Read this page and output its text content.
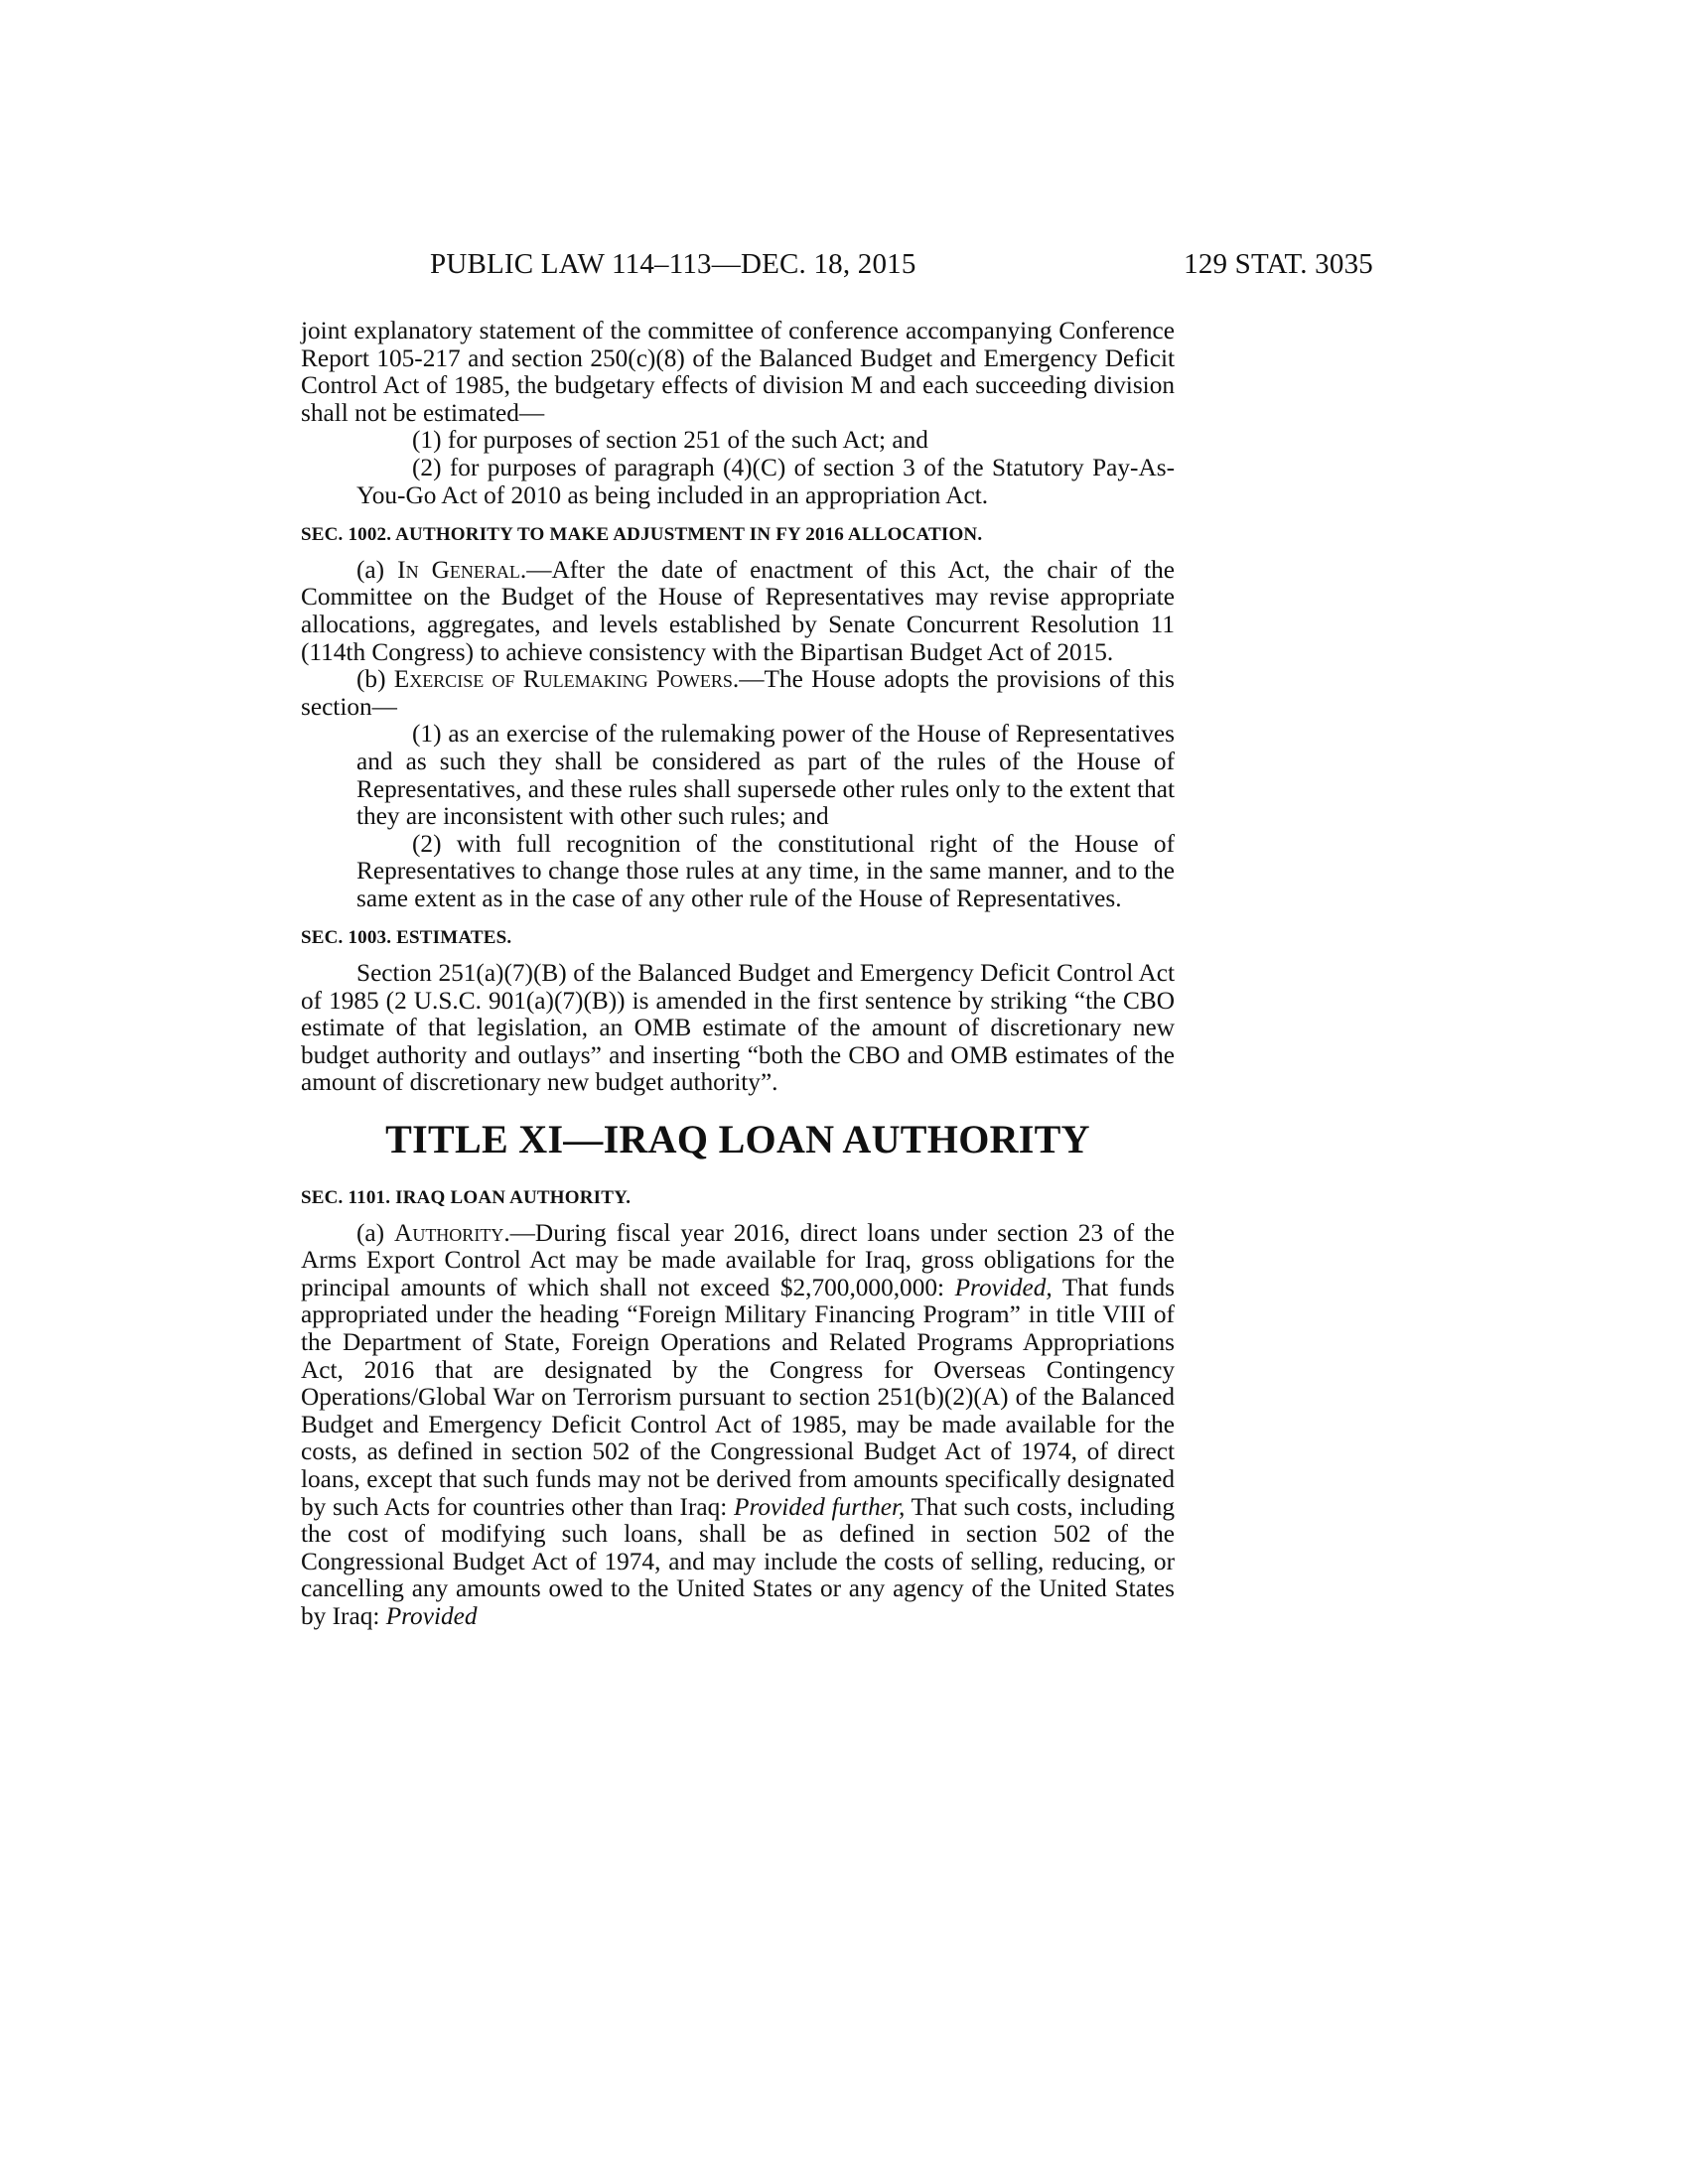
PUBLIC LAW 114–113—DEC. 18, 2015	129 STAT. 3035

joint explanatory statement of the committee of conference accompanying Conference Report 105-217 and section 250(c)(8) of the Balanced Budget and Emergency Deficit Control Act of 1985, the budgetary effects of division M and each succeeding division shall not be estimated—

(1) for purposes of section 251 of the such Act; and

(2) for purposes of paragraph (4)(C) of section 3 of the Statutory Pay-As-You-Go Act of 2010 as being included in an appropriation Act.

SEC. 1002. AUTHORITY TO MAKE ADJUSTMENT IN FY 2016 ALLOCATION.

(a) In General.—After the date of enactment of this Act, the chair of the Committee on the Budget of the House of Representatives may revise appropriate allocations, aggregates, and levels established by Senate Concurrent Resolution 11 (114th Congress) to achieve consistency with the Bipartisan Budget Act of 2015.

(b) Exercise of Rulemaking Powers.—The House adopts the provisions of this section—

(1) as an exercise of the rulemaking power of the House of Representatives and as such they shall be considered as part of the rules of the House of Representatives, and these rules shall supersede other rules only to the extent that they are inconsistent with other such rules; and

(2) with full recognition of the constitutional right of the House of Representatives to change those rules at any time, in the same manner, and to the same extent as in the case of any other rule of the House of Representatives.

SEC. 1003. ESTIMATES.

Section 251(a)(7)(B) of the Balanced Budget and Emergency Deficit Control Act of 1985 (2 U.S.C. 901(a)(7)(B)) is amended in the first sentence by striking “the CBO estimate of that legislation, an OMB estimate of the amount of discretionary new budget authority and outlays” and inserting “both the CBO and OMB estimates of the amount of discretionary new budget authority”.

TITLE XI—IRAQ LOAN AUTHORITY
SEC. 1101. IRAQ LOAN AUTHORITY.

(a) Authority.—During fiscal year 2016, direct loans under section 23 of the Arms Export Control Act may be made available for Iraq, gross obligations for the principal amounts of which shall not exceed $2,700,000,000: Provided, That funds appropriated under the heading “Foreign Military Financing Program” in title VIII of the Department of State, Foreign Operations and Related Programs Appropriations Act, 2016 that are designated by the Congress for Overseas Contingency Operations/Global War on Terrorism pursuant to section 251(b)(2)(A) of the Balanced Budget and Emergency Deficit Control Act of 1985, may be made available for the costs, as defined in section 502 of the Congressional Budget Act of 1974, of direct loans, except that such funds may not be derived from amounts specifically designated by such Acts for countries other than Iraq: Provided further, That such costs, including the cost of modifying such loans, shall be as defined in section 502 of the Congressional Budget Act of 1974, and may include the costs of selling, reducing, or cancelling any amounts owed to the United States or any agency of the United States by Iraq: Provided
